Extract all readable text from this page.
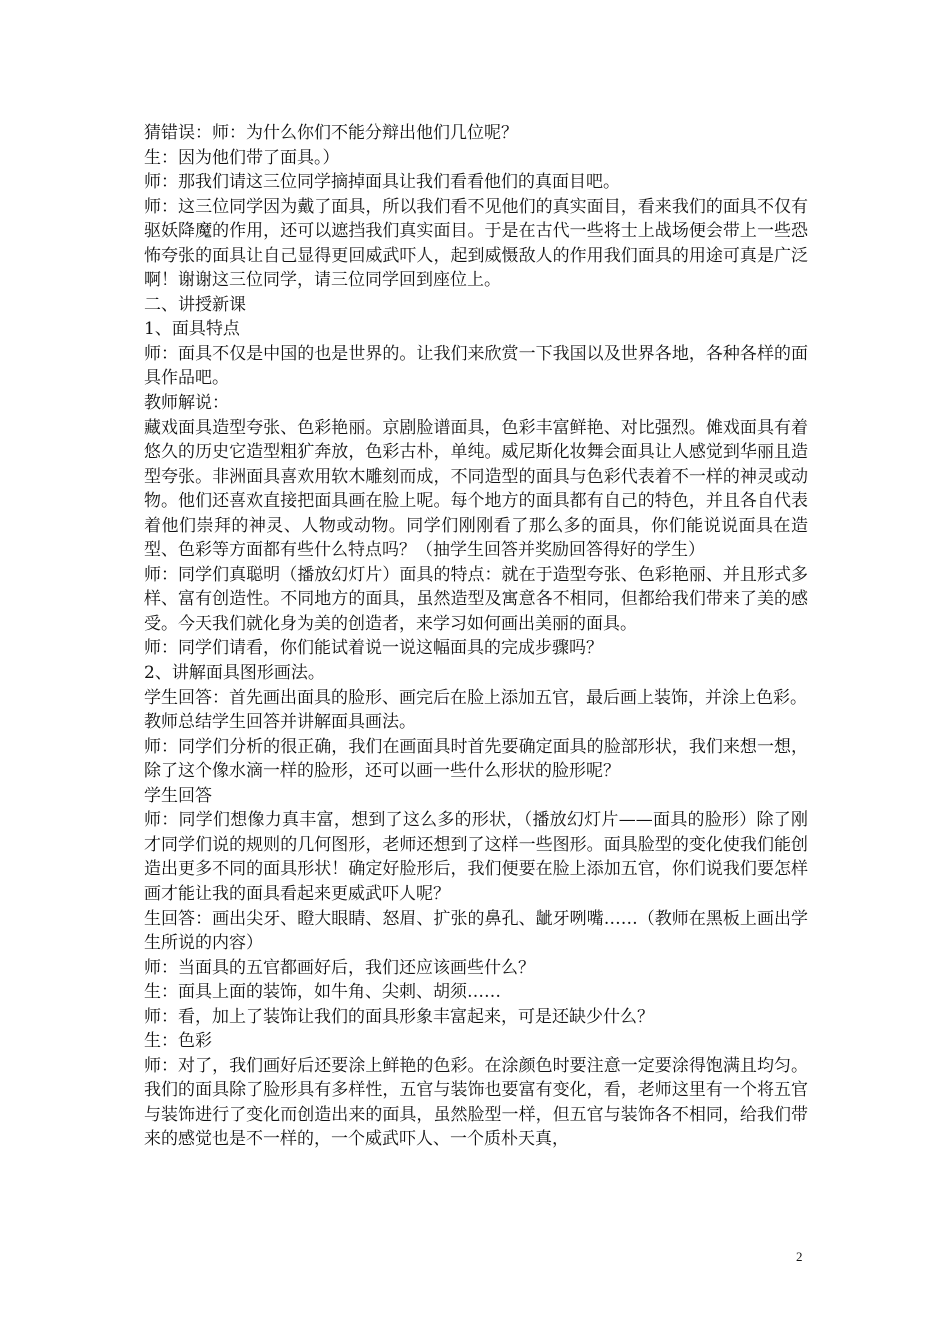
猜错误：师：为什么你们不能分辩出他们几位呢？

生：因为他们带了面具。）

师：那我们请这三位同学摘掉面具让我们看看他们的真面目吧。

师：这三位同学因为戴了面具，所以我们看不见他们的真实面目，看来我们的面具不仅有驱妖降魔的作用，还可以遮挡我们真实面目。于是在古代一些将士上战场便会带上一些恐怖夸张的面具让自己显得更回威武吓人，起到威慑敌人的作用我们面具的用途可真是广泛啊！谢谢这三位同学，请三位同学回到座位上。

二、讲授新课

1、面具特点

师：面具不仅是中国的也是世界的。让我们来欣赏一下我国以及世界各地，各种各样的面具作品吧。

教师解说：

藏戏面具造型夸张、色彩艳丽。京剧脸谱面具，色彩丰富鲜艳、对比强烈。傩戏面具有着悠久的历史它造型粗犷奔放，色彩古朴，单纯。威尼斯化妆舞会面具让人感觉到华丽且造型夸张。非洲面具喜欢用软木雕刻而成，不同造型的面具与色彩代表着不一样的神灵或动物。他们还喜欢直接把面具画在脸上呢。每个地方的面具都有自己的特色，并且各自代表着他们崇拜的神灵、人物或动物。同学们刚刚看了那么多的面具，你们能说说面具在造型、色彩等方面都有些什么特点吗？（抽学生回答并奖励回答得好的学生）

师：同学们真聪明（播放幻灯片）面具的特点：就在于造型夸张、色彩艳丽、并且形式多样、富有创造性。不同地方的面具，虽然造型及寓意各不相同，但都给我们带来了美的感受。今天我们就化身为美的创造者，来学习如何画出美丽的面具。

师：同学们请看，你们能试着说一说这幅面具的完成步骤吗？

2、讲解面具图形画法。

学生回答：首先画出面具的脸形、画完后在脸上添加五官，最后画上装饰，并涂上色彩。

教师总结学生回答并讲解面具画法。

师：同学们分析的很正确，我们在画面具时首先要确定面具的脸部形状，我们来想一想，除了这个像水滴一样的脸形，还可以画一些什么形状的脸形呢？

学生回答

师：同学们想像力真丰富，想到了这么多的形状，（播放幻灯片——面具的脸形）除了刚才同学们说的规则的几何图形，老师还想到了这样一些图形。面具脸型的变化使我们能创造出更多不同的面具形状！确定好脸形后，我们便要在脸上添加五官，你们说我们要怎样画才能让我的面具看起来更威武吓人呢？

生回答：画出尖牙、瞪大眼睛、怒眉、扩张的鼻孔、龇牙咧嘴……（教师在黑板上画出学生所说的内容）

师：当面具的五官都画好后，我们还应该画些什么？

生：面具上面的装饰，如牛角、尖刺、胡须……

师：看，加上了装饰让我们的面具形象丰富起来，可是还缺少什么？

生：色彩

师：对了，我们画好后还要涂上鲜艳的色彩。在涂颜色时要注意一定要涂得饱满且均匀。我们的面具除了脸形具有多样性，五官与装饰也要富有变化，看，老师这里有一个将五官与装饰进行了变化而创造出来的面具，虽然脸型一样，但五官与装饰各不相同，给我们带来的感觉也是不一样的，一个威武吓人、一个质朴天真，

2
